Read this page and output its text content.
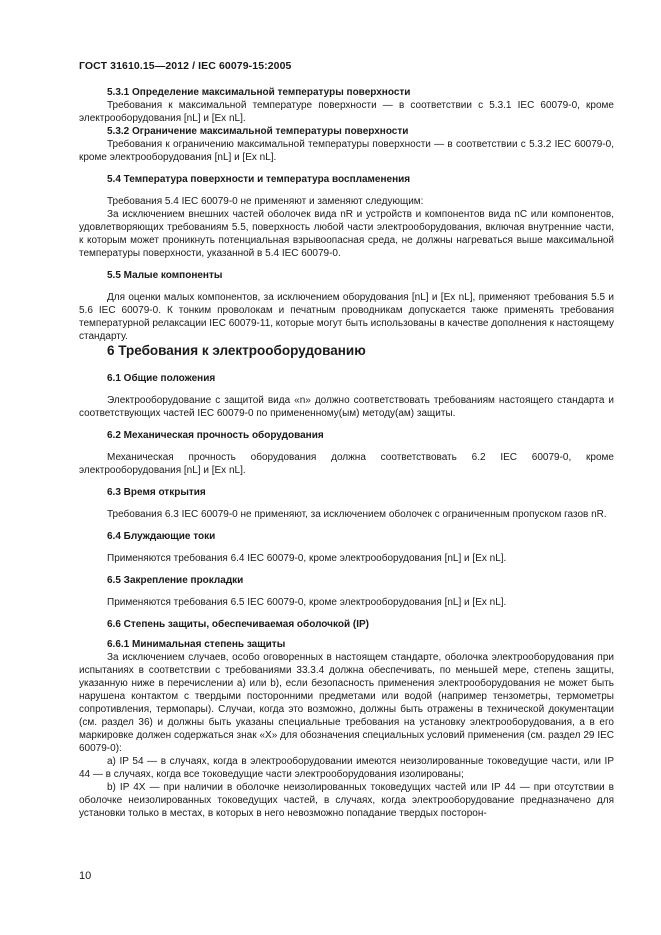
ГОСТ 31610.15—2012 / IEC 60079-15:2005

5.3.1 Определение максимальной температуры поверхности

Требования к максимальной температуре поверхности — в соответствии с 5.3.1 IEC 60079-0, кроме электрооборудования [nL] и [Ex nL].

5.3.2 Ограничение максимальной температуры поверхности

Требования к ограничению максимальной температуры поверхности — в соответствии с 5.3.2 IEC 60079-0, кроме электрооборудования [nL] и [Ex nL].

5.4 Температура поверхности и температура воспламенения

Требования 5.4 IEC 60079-0 не применяют и заменяют следующим:

За исключением внешних частей оболочек вида nR и устройств и компонентов вида nC или компонентов, удовлетворяющих требованиям 5.5, поверхность любой части электрооборудования, включая внутренние части, к которым может проникнуть потенциальная взрывоопасная среда, не должны нагреваться выше максимальной температуры поверхности, указанной в 5.4 IEC 60079-0.

5.5 Малые компоненты

Для оценки малых компонентов, за исключением оборудования [nL] и [Ex nL], применяют требования 5.5 и 5.6 IEC 60079-0. К тонким проволокам и печатным проводникам допускается также применять требования температурной релаксации IEC 60079-11, которые могут быть использованы в качестве дополнения к настоящему стандарту.

6 Требования к электрооборудованию

6.1 Общие положения

Электрооборудование с защитой вида «n» должно соответствовать требованиям настоящего стандарта и соответствующих частей IEC 60079-0 по примененному(ым) методу(ам) защиты.

6.2 Механическая прочность оборудования

Механическая прочность оборудования должна соответствовать 6.2 IEC 60079-0, кроме электрооборудования [nL] и [Ex nL].

6.3 Время открытия

Требования 6.3 IEC 60079-0 не применяют, за исключением оболочек с ограниченным пропуском газов nR.

6.4 Блуждающие токи

Применяются требования 6.4 IEC 60079-0, кроме электрооборудования [nL] и [Ex nL].

6.5 Закрепление прокладки

Применяются требования 6.5 IEC 60079-0, кроме электрооборудования [nL] и [Ex nL].

6.6 Степень защиты, обеспечиваемая оболочкой (IP)

6.6.1 Минимальная степень защиты

За исключением случаев, особо оговоренных в настоящем стандарте, оболочка электрооборудования при испытаниях в соответствии с требованиями 33.3.4 должна обеспечивать, по меньшей мере, степень защиты, указанную ниже в перечислении a) или b), если безопасность применения электрооборудования не может быть нарушена контактом с твердыми посторонними предметами или водой (например тензометры, термометры сопротивления, термопары). Случаи, когда это возможно, должны быть отражены в технической документации (см. раздел 36) и должны быть указаны специальные требования на установку электрооборудования, а в его маркировке должен содержаться знак «X» для обозначения специальных условий применения (см. раздел 29 IEC 60079-0):

a) IP 54 — в случаях, когда в электрооборудовании имеются неизолированные токоведущие части, или IP 44 — в случаях, когда все токоведущие части электрооборудования изолированы;

b) IP 4X — при наличии в оболочке неизолированных токоведущих частей или IP 44 — при отсутствии в оболочке неизолированных токоведущих частей, в случаях, когда электрооборудование предназначено для установки только в местах, в которых в него невозможно попадание твердых посторон-

10
